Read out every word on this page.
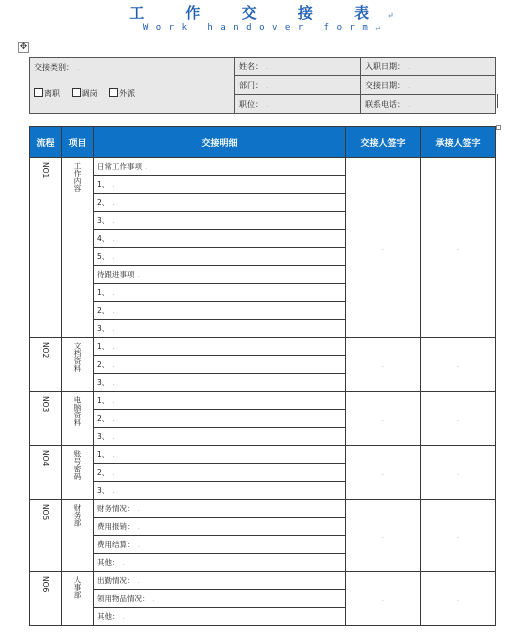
工 作 交 接 表↵
Work handover form↵
✥
交接类别： .
离职 调岗 外派	姓名： .	入职日期： .
	部门： .	交接日期： .
	职位： .	联系电话： .
流程	项目	交接明细	交接人签字	承接人签字
NO1	工作内容	日常工作事项 .	.	.
		1、 .		
		2、 .		
		3、 .		
		4、 .		
		5、 .		
		待跟进事项 .		
		1、 .		
		2、 .		
		3、 .		
NO2	文档资料	1、 .	.	.
		2、 .		
		3、 .		
NO3	电脑资料	1、 .	.	.
		2、 .		
		3、 .		
NO4	账号密码	1、 .	.	.
		2、 .		
		3、 .		
NO5	财务部	财务情况： .	.	.
		费用报销： .		
		费用结算： .		
		其他： .		
NO6	人事部	出勤情况： .	.	.
		领用物品情况： .		
		其他： .		
